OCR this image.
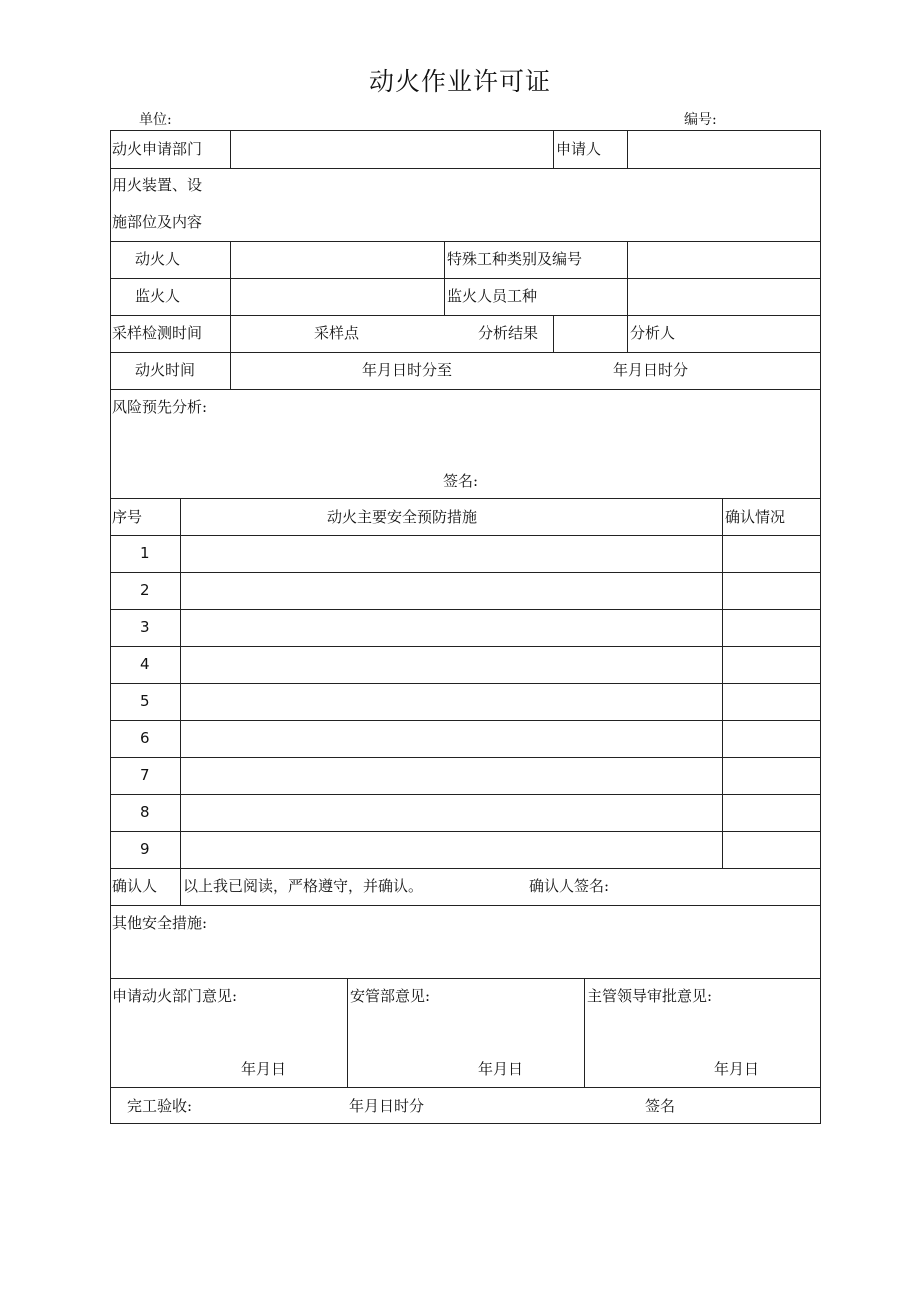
动火作业许可证
单位:	编号:
动火申请部门	申请人
用火装置、设
施部位及内容
动火人	特殊工种类别及编号
监火人	监火人员工种
采样检测时间	采样点	分析结果	分析人
动火时间	年月日时分至	年月日时分
风险预先分析:
签名:
序号	动火主要安全预防措施	确认情况
1
2
3
4
5
6
7
8
9
确认人 以上我已阅读，严格遵守，并确认。	确认人签名:
其他安全措施:
申请动火部门意见:	安管部意见:	主管领导审批意见:
年月日	年月日	年月日
完工验收:	年月日时分	签名
